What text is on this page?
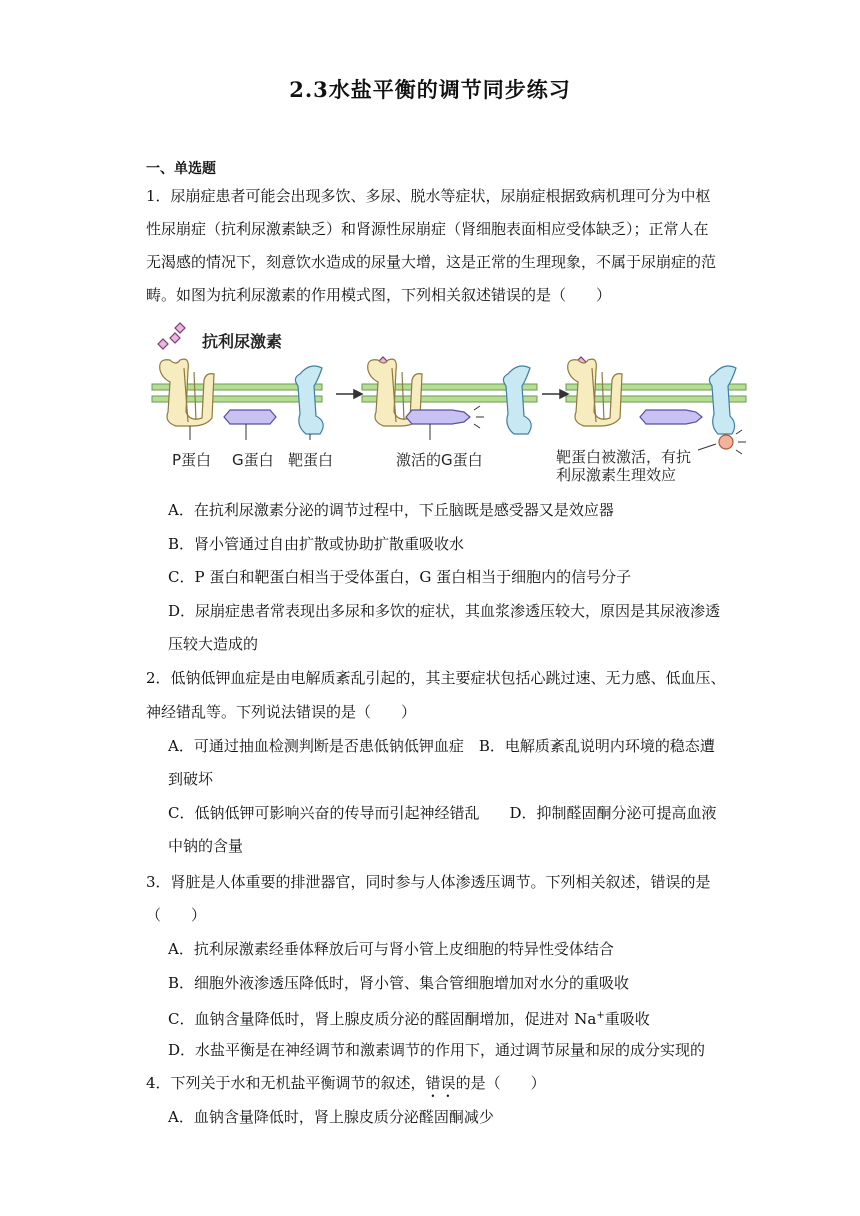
2.3水盐平衡的调节同步练习
一、单选题
1．尿崩症患者可能会出现多饮、多尿、脱水等症状，尿崩症根据致病机理可分为中枢
性尿崩症（抗利尿激素缺乏）和肾源性尿崩症（肾细胞表面相应受体缺乏）；正常人在
无渴感的情况下，刻意饮水造成的尿量大增，这是正常的生理现象，不属于尿崩症的范
畴。如图为抗利尿激素的作用模式图，下列相关叙述错误的是（　　）
抗利尿激素
P蛋白 G蛋白 靶蛋白	激活的G蛋白	靶蛋白被激活，有抗
利尿激素生理效应
A．在抗利尿激素分泌的调节过程中，下丘脑既是感受器又是效应器
B．肾小管通过自由扩散或协助扩散重吸收水
C．P 蛋白和靶蛋白相当于受体蛋白，G 蛋白相当于细胞内的信号分子
D．尿崩症患者常表现出多尿和多饮的症状，其血浆渗透压较大，原因是其尿液渗透
压较大造成的
2．低钠低钾血症是由电解质紊乱引起的，其主要症状包括心跳过速、无力感、低血压、
神经错乱等。下列说法错误的是（　　）
A．可通过抽血检测判断是否患低钠低钾血症　B．电解质紊乱说明内环境的稳态遭
到破坏
C．低钠低钾可影响兴奋的传导而引起神经错乱　　D．抑制醛固酮分泌可提高血液
中钠的含量
3．肾脏是人体重要的排泄器官，同时参与人体渗透压调节。下列相关叙述，错误的是
（　　）
A．抗利尿激素经垂体释放后可与肾小管上皮细胞的特异性受体结合
B．细胞外液渗透压降低时，肾小管、集合管细胞增加对水分的重吸收
C．血钠含量降低时，肾上腺皮质分泌的醛固酮增加，促进对 Na+重吸收
D．水盐平衡是在神经调节和激素调节的作用下，通过调节尿量和尿的成分实现的
4．下列关于水和无机盐平衡调节的叙述，错误的是（　　）
A．血钠含量降低时，肾上腺皮质分泌醛固酮减少
